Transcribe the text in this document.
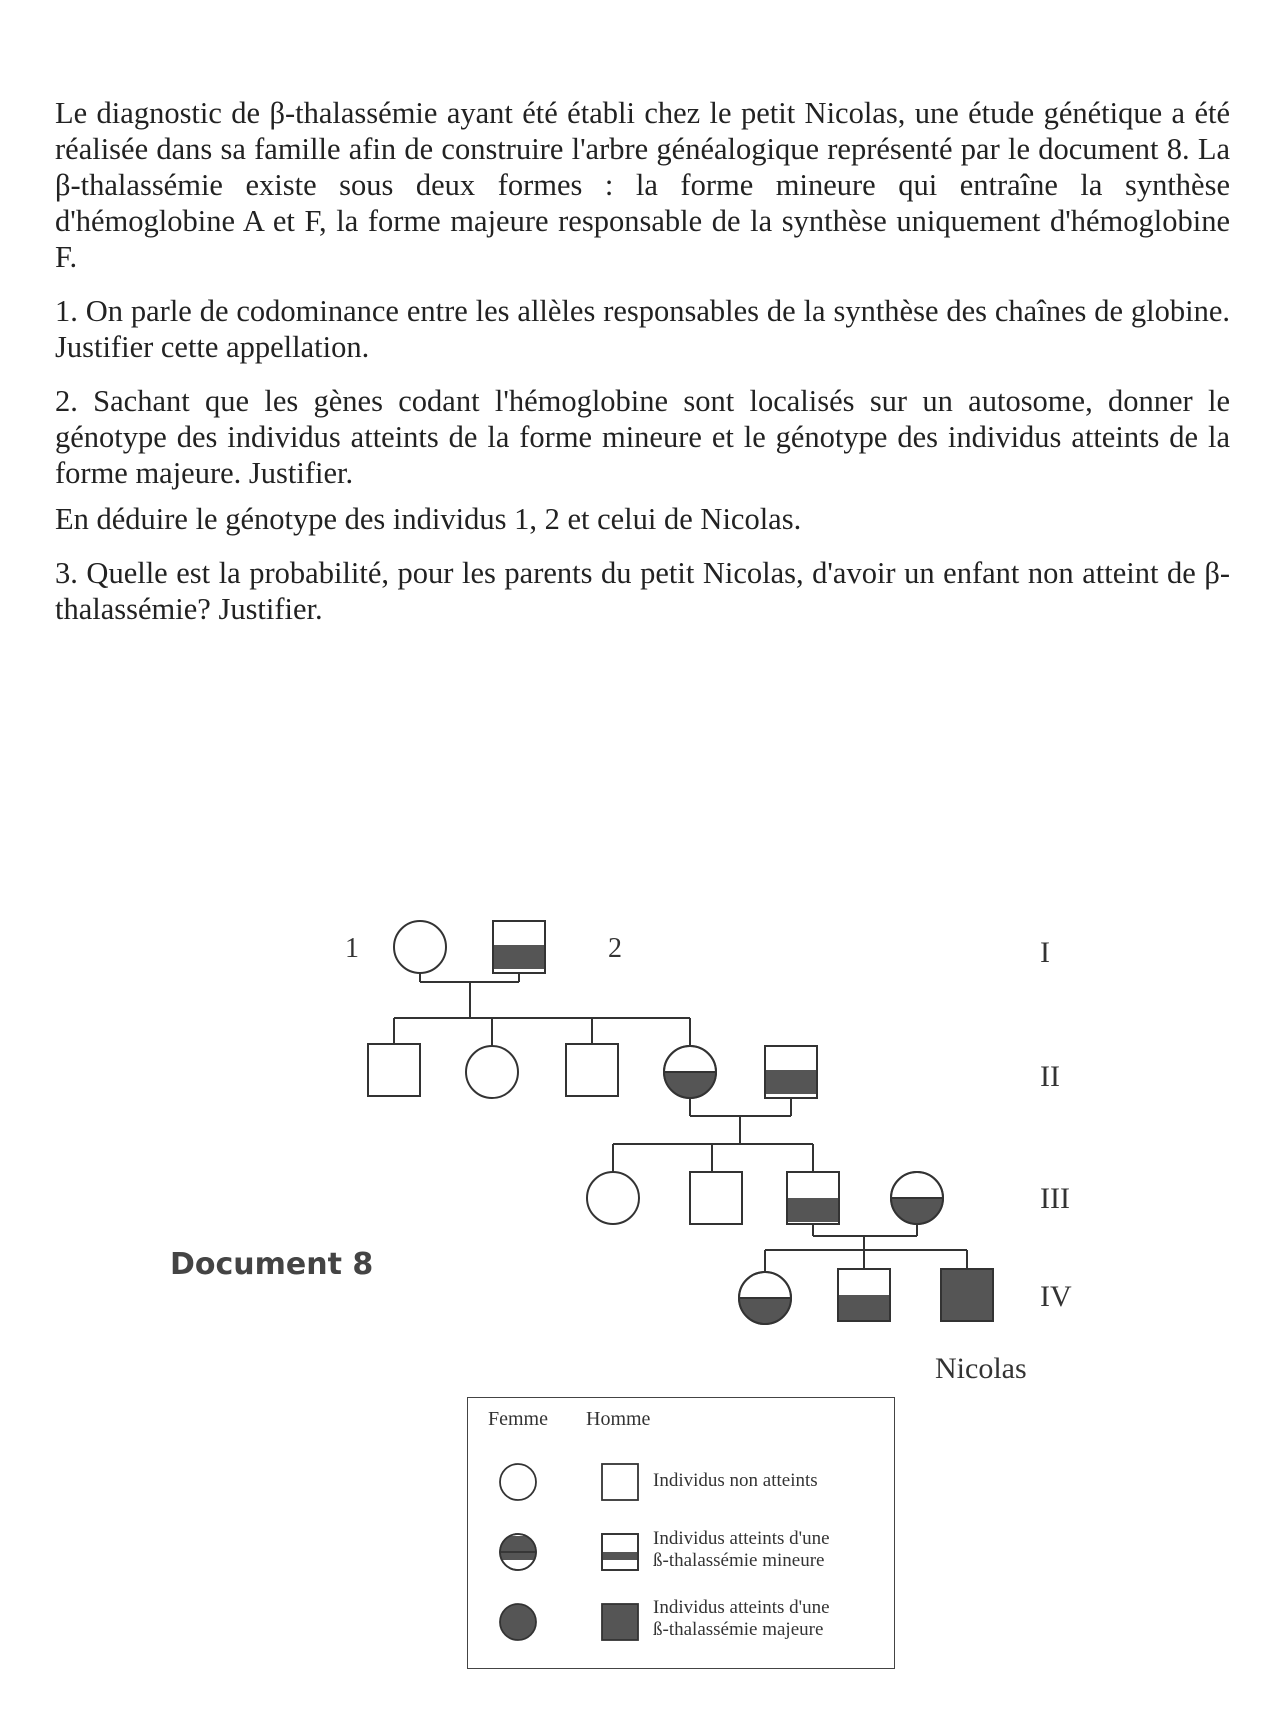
Le diagnostic de β-thalassémie ayant été établi chez le petit Nicolas, une étude génétique a été réalisée dans sa famille afin de construire l'arbre généalogique représenté par le document 8. La β-thalassémie existe sous deux formes : la forme mineure qui entraîne la synthèse d'hémoglobine A et F, la forme majeure responsable de la synthèse uniquement d'hémoglobine F.

1. On parle de codominance entre les allèles responsables de la synthèse des chaînes de globine. Justifier cette appellation.

2. Sachant que les gènes codant l'hémoglobine sont localisés sur un autosome, donner le génotype des individus atteints de la forme mineure et le génotype des individus atteints de la forme majeure. Justifier.

En déduire le génotype des individus 1, 2 et celui de Nicolas.

3. Quelle est la probabilité, pour les parents du petit Nicolas, d'avoir un enfant non atteint de β-thalassémie? Justifier.

1	2	I
II
III
IV
Document 8
Nicolas
Femme Homme
Individus non atteints
Individus atteints d'une
ß-thalassémie mineure
Individus atteints d'une
ß-thalassémie majeure
